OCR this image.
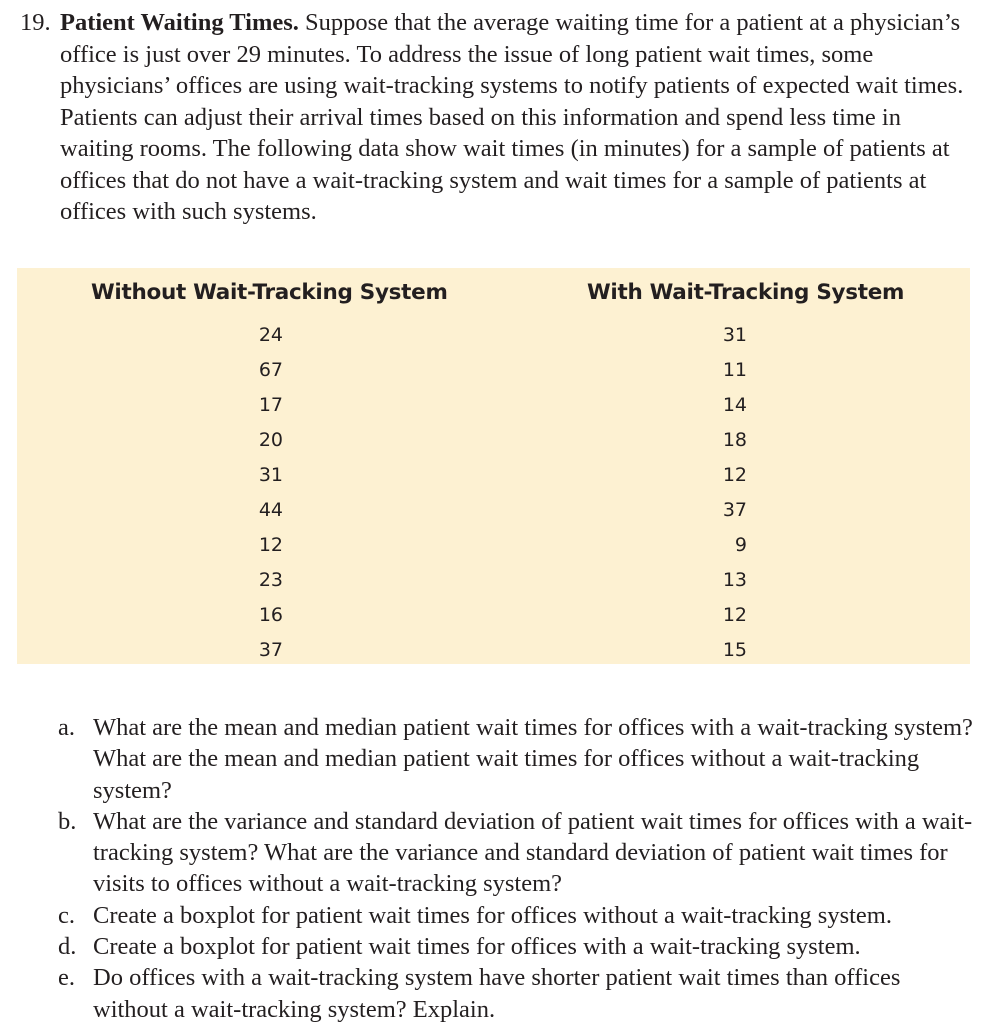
19. Patient Waiting Times. Suppose that the average waiting time for a patient at a physician’s office is just over 29 minutes. To address the issue of long patient wait times, some physicians’ offices are using wait-tracking systems to notify patients of expected wait times. Patients can adjust their arrival times based on this information and spend less time in waiting rooms. The following data show wait times (in minutes) for a sample of patients at offices that do not have a wait-tracking system and wait times for a sample of patients at offices with such systems.
Without Wait-Tracking System	With Wait-Tracking System
24
67
17
20
31
44
12
23
16
37
31
11
14
18
12
37
9
13
12
15
a. What are the mean and median patient wait times for offices with a wait-tracking system? What are the mean and median patient wait times for offices without a wait-tracking system?
b. What are the variance and standard deviation of patient wait times for offices with a wait-tracking system? What are the variance and standard deviation of patient wait times for visits to offices without a wait-tracking system?
c. Create a boxplot for patient wait times for offices without a wait-tracking system.
d. Create a boxplot for patient wait times for offices with a wait-tracking system.
e. Do offices with a wait-tracking system have shorter patient wait times than offices without a wait-tracking system? Explain.
